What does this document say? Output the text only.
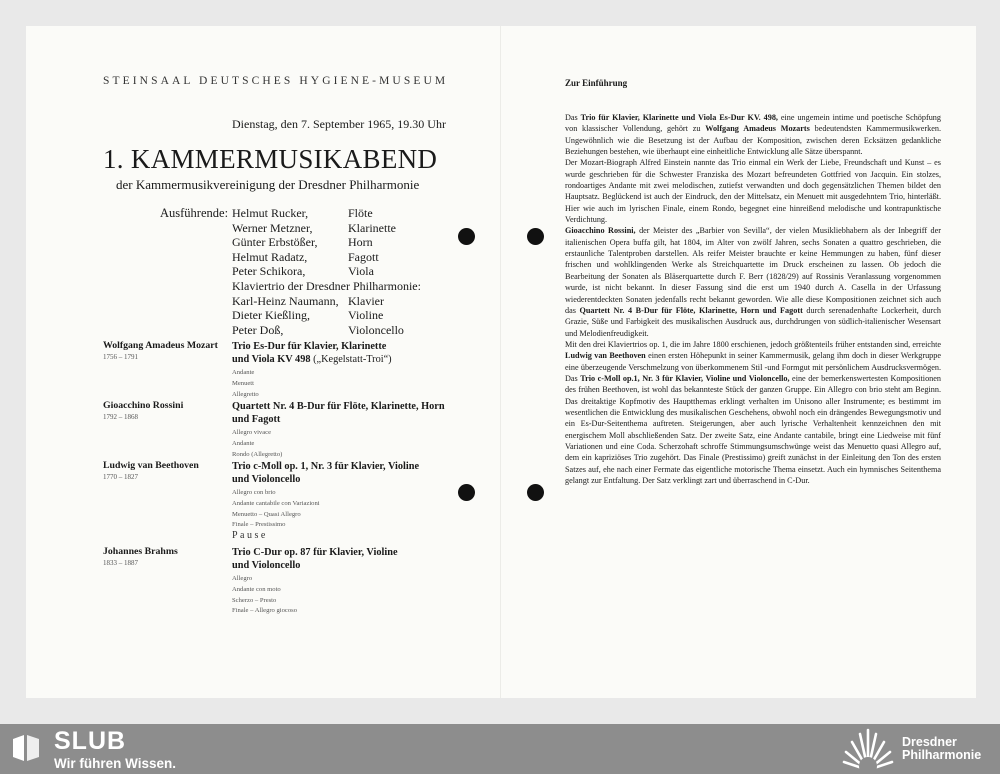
STEINSAAL DEUTSCHES HYGIENE-MUSEUM
Dienstag, den 7. September 1965, 19.30 Uhr
1. KAMMERMUSIKABEND
der Kammermusikvereinigung der Dresdner Philharmonie
Ausführende: Helmut Rucker,	Flöte
Werner Metzner,	Klarinette
Günter Erbstößer,	Horn
Helmut Radatz,	Fagott
Peter Schikora,	Viola
Klaviertrio der Dresdner Philharmonie:
Karl-Heinz Naumann, Klavier
Dieter Kießling,	Violine
Peter Doß,	Violoncello
Wolfgang Amadeus Mozart
1756 – 1791
Trio Es-Dur für Klavier, Klarinette
und Viola KV 498 („Kegelstatt-Troi“)
Andante
Menuett
Allegretto
Gioacchino Rossini
1792 – 1868
Quartett Nr. 4 B-Dur für Flöte, Klarinette, Horn
und Fagott
Allegro vivace
Andante
Rondo (Allegretto)
Ludwig van Beethoven
1770 – 1827
Trio c-Moll op. 1, Nr. 3 für Klavier, Violine
und Violoncello
Allegro con brio
Andante cantabile con Variazioni
Menuetto – Quasi Allegro
Finale – Prestissimo
Johannes Brahms
1833 – 1887
Trio C-Dur op. 87 für Klavier, Violine
und Violoncello
Allegro
Andante con moto
Scherzo – Presto
Finale – Allegro giocoso
Pause
Zur Einführung

Das Trio für Klavier, Klarinette und Viola Es-Dur KV. 498, eine ungemein intime und poetische Schöpfung von klassischer Vollendung, gehört zu Wolfgang Amadeus Mozarts bedeutendsten Kammermusikwerken. Ungewöhnlich wie die Besetzung ist der Aufbau der Komposition, zwischen deren Ecksätzen gedankliche Beziehungen bestehen, wie überhaupt eine einheitliche Entwicklung alle Sätze überspannt.

Der Mozart-Biograph Alfred Einstein nannte das Trio einmal ein Werk der Liebe, Freundschaft und Kunst – es wurde geschrieben für die Schwester Franziska des Mozart befreundeten Gottfried von Jacquin. Ein stolzes, rondoartiges Andante mit zwei melodischen, zutiefst verwandten und doch gegensätzlichen Themen bildet den Hauptsatz. Beglückend ist auch der Eindruck, den der Mittelsatz, ein Menuett mit ausgedehntem Trio, hinterläßt. Hier wie auch im lyrischen Finale, einem Rondo, begegnet eine hinreißend melodische und kontrapunktische Verdichtung.

Gioacchino Rossini, der Meister des „Barbier von Sevilla“, der vielen Musikliebhabern als der Inbegriff der italienischen Opera buffa gilt, hat 1804, im Alter von zwölf Jahren, sechs Sonaten a quattro geschrieben, die erstaunliche Talentproben darstellen. Als reifer Meister brauchte er keine Hemmungen zu haben, fünf dieser frischen und wohlklingenden Werke als Streichquartette im Druck erscheinen zu lassen. Ob jedoch die Bearbeitung der Sonaten als Bläserquartette durch F. Berr (1828/29) auf Rossinis Veranlassung vorgenommen wurde, ist nicht bekannt. In dieser Fassung sind die erst um 1940 durch A. Casella in der Urfassung wiederentdeckten Sonaten jedenfalls recht bekannt geworden. Wie alle diese Kompositionen zeichnet sich auch das Quartett Nr. 4 B-Dur für Flöte, Klarinette, Horn und Fagott durch serenadenhafte Lockerheit, durch Grazie, Süße und Farbigkeit des musikalischen Ausdruck aus, durchdrungen von südlich-italienischer Wesensart und Melodienfreudigkeit.

Mit den drei Klaviertrios op. 1, die im Jahre 1800 erschienen, jedoch größtenteils früher entstanden sind, erreichte Ludwig van Beethoven einen ersten Höhepunkt in seiner Kammermusik, gelang ihm doch in dieser Werkgruppe eine überzeugende Verschmelzung von überkommenem Stil -und Formgut mit persönlichem Ausdrucksvermögen. Das Trio c-Moll op.1, Nr. 3 für Klavier, Violine und Violoncello, eine der bemerkenswertesten Kompositionen des frühen Beethoven, ist wohl das bekannteste Stück der ganzen Gruppe. Ein Allegro con brio steht am Beginn. Das dreitaktige Kopfmotiv des Hauptthemas erklingt verhalten im Unisono aller Instrumente; es bestimmt im wesentlichen die Entwicklung des musikalischen Geschehens, obwohl noch ein drängendes Bewegungsmotiv und ein Es-Dur-Seitenthema auftreten. Steigerungen, aber auch lyrische Verhaltenheit kennzeichnen den mit energischem Moll abschließenden Satz. Der zweite Satz, eine Andante cantabile, bringt eine Liedweise mit fünf Variationen und eine Coda. Scherzohaft schroffe Stimmungsumschwünge weist das Menuetto quasi Allegro auf, dem ein kapriziöses Trio zugehört. Das Finale (Prestissimo) greift zunächst in der Einleitung den Ton des ersten Satzes auf, ehe nach einer Fermate das eigentliche motorische Thema einsetzt. Auch ein hymnisches Seitenthema gelangt zur Entfaltung. Der Satz verklingt zart und überraschend in C-Dur.

SLUB
Wir führen Wissen.
Dresdner
Philharmonie
